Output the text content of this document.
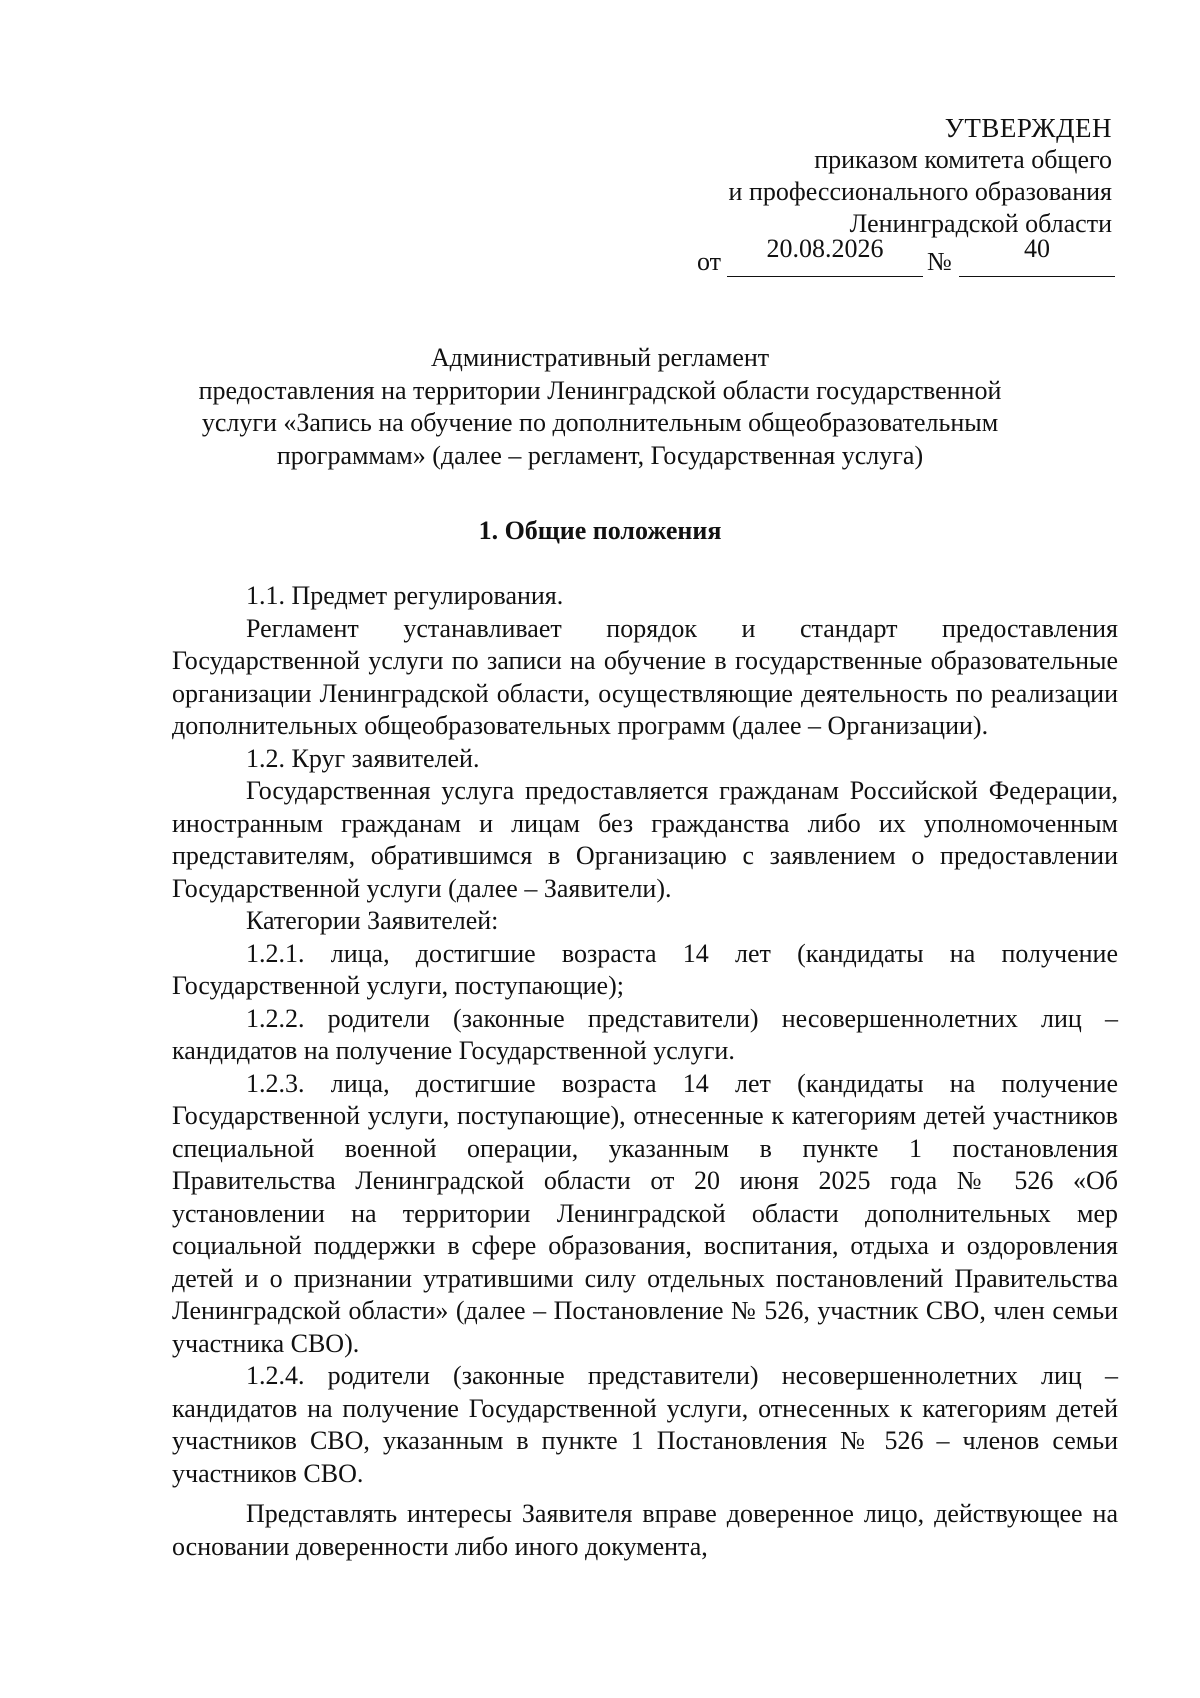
УТВЕРЖДЕН
приказом комитета общего
и профессионального образования
Ленинградской области
от	20.08.2026	№	40
Административный регламент
предоставления на территории Ленинградской области государственной
услуги «Запись на обучение по дополнительным общеобразовательным
программам» (далее – регламент, Государственная услуга)
1. Общие положения

1.1. Предмет регулирования.

Регламент устанавливает порядок и стандарт предоставления Государственной услуги по записи на обучение в государственные образовательные организации Ленинградской области, осуществляющие деятельность по реализации дополнительных общеобразовательных программ (далее – Организации).

1.2. Круг заявителей.

Государственная услуга предоставляется гражданам Российской Федерации, иностранным гражданам и лицам без гражданства либо их уполномоченным представителям, обратившимся в Организацию с заявлением о предоставлении Государственной услуги (далее – Заявители).

Категории Заявителей:

1.2.1. лица, достигшие возраста 14 лет (кандидаты на получение Государственной услуги, поступающие);

1.2.2. родители (законные представители) несовершеннолетних лиц – кандидатов на получение Государственной услуги.

1.2.3. лица, достигшие возраста 14 лет (кандидаты на получение Государственной услуги, поступающие), отнесенные к категориям детей участников специальной военной операции, указанным в пункте 1 постановления Правительства Ленинградской области от 20 июня 2025 года № 526 «Об установлении на территории Ленинградской области дополнительных мер социальной поддержки в сфере образования, воспитания, отдыха и оздоровления детей и о признании утратившими силу отдельных постановлений Правительства Ленинградской области» (далее – Постановление № 526, участник СВО, член семьи участника СВО).

1.2.4. родители (законные представители) несовершеннолетних лиц – кандидатов на получение Государственной услуги, отнесенных к категориям детей участников СВО, указанным в пункте 1 Постановления № 526 – членов семьи участников СВО.

Представлять интересы Заявителя вправе доверенное лицо, действующее на основании доверенности либо иного документа,
